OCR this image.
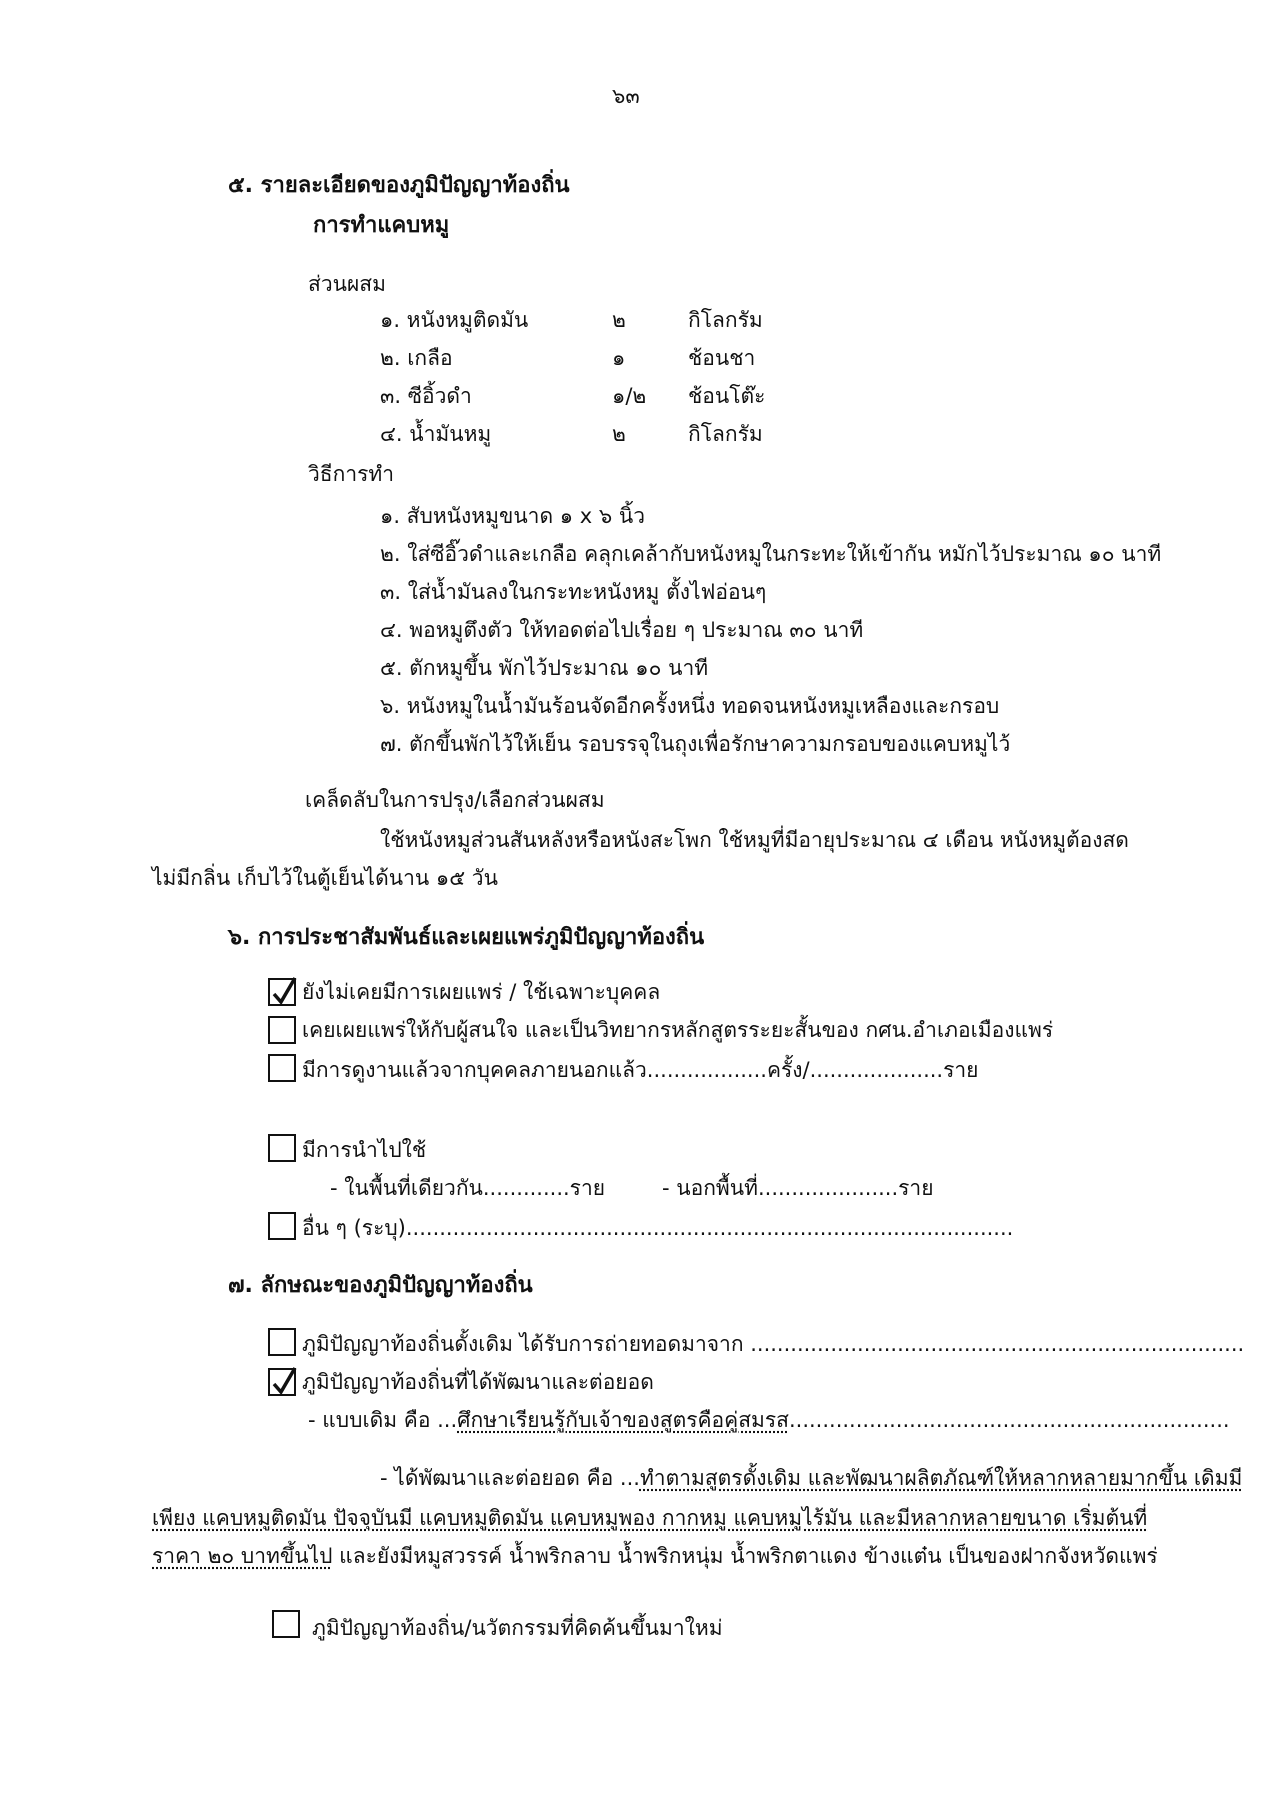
๖๓
๕. รายละเอียดของภูมิปัญญาท้องถิ่น
การทำแคบหมู
ส่วนผสม
๑. หนังหมูติดมัน	๒	กิโลกรัม
๒. เกลือ	๑	ช้อนชา
๓. ซีอิ้วดำ	๑/๒ ช้อนโต๊ะ
๔. น้ำมันหมู	๒	กิโลกรัม
วิธีการทำ
๑. สับหนังหมูขนาด ๑ x ๖ นิ้ว
๒. ใส่ซีอิ๊วดำและเกลือ คลุกเคล้ากับหนังหมูในกระทะให้เข้ากัน หมักไว้ประมาณ ๑๐ นาที
๓. ใส่น้ำมันลงในกระทะหนังหมู ตั้งไฟอ่อนๆ
๔. พอหมูตึงตัว ให้ทอดต่อไปเรื่อย ๆ ประมาณ ๓๐ นาที
๕. ตักหมูขึ้น พักไว้ประมาณ ๑๐ นาที
๖. หนังหมูในน้ำมันร้อนจัดอีกครั้งหนึ่ง ทอดจนหนังหมูเหลืองและกรอบ
๗. ตักขึ้นพักไว้ให้เย็น รอบรรจุในถุงเพื่อรักษาความกรอบของแคบหมูไว้
เคล็ดลับในการปรุง/เลือกส่วนผสม
ใช้หนังหมูส่วนสันหลังหรือหนังสะโพก ใช้หมูที่มีอายุประมาณ ๔ เดือน หนังหมูต้องสด
ไม่มีกลิ่น เก็บไว้ในตู้เย็นได้นาน ๑๕ วัน
๖. การประชาสัมพันธ์และเผยแพร่ภูมิปัญญาท้องถิ่น
ยังไม่เคยมีการเผยแพร่ / ใช้เฉพาะบุคคล
เคยเผยแพร่ให้กับผู้สนใจ และเป็นวิทยากรหลักสูตรระยะสั้นของ กศน.อำเภอเมืองแพร่
มีการดูงานแล้วจากบุคคลภายนอกแล้ว..................ครั้ง/....................ราย
มีการนำไปใช้
- ในพื้นที่เดียวกัน.............ราย	- นอกพื้นที่.....................ราย
อื่น ๆ (ระบุ)...........................................................................................
๗. ลักษณะของภูมิปัญญาท้องถิ่น
ภูมิปัญญาท้องถิ่นดั้งเดิม ได้รับการถ่ายทอดมาจาก ..........................................................................
ภูมิปัญญาท้องถิ่นที่ได้พัฒนาและต่อยอด
- แบบเดิม คือ ...ศึกษาเรียนรู้กับเจ้าของสูตรคือคู่สมรส..................................................................
- ได้พัฒนาและต่อยอด คือ ...ทำตามสูตรดั้งเดิม และพัฒนาผลิตภัณฑ์ให้หลากหลายมากขึ้น เดิมมี
เพียง แคบหมูติดมัน ปัจจุบันมี แคบหมูติดมัน แคบหมูพอง กากหมู แคบหมูไร้มัน และมีหลากหลายขนาด เริ่มต้นที่
ราคา ๒๐ บาทขึ้นไป และยังมีหมูสวรรค์ น้ำพริกลาบ น้ำพริกหนุ่ม น้ำพริกตาแดง ข้างแต๋น เป็นของฝากจังหวัดแพร่
ภูมิปัญญาท้องถิ่น/นวัตกรรมที่คิดค้นขึ้นมาใหม่
